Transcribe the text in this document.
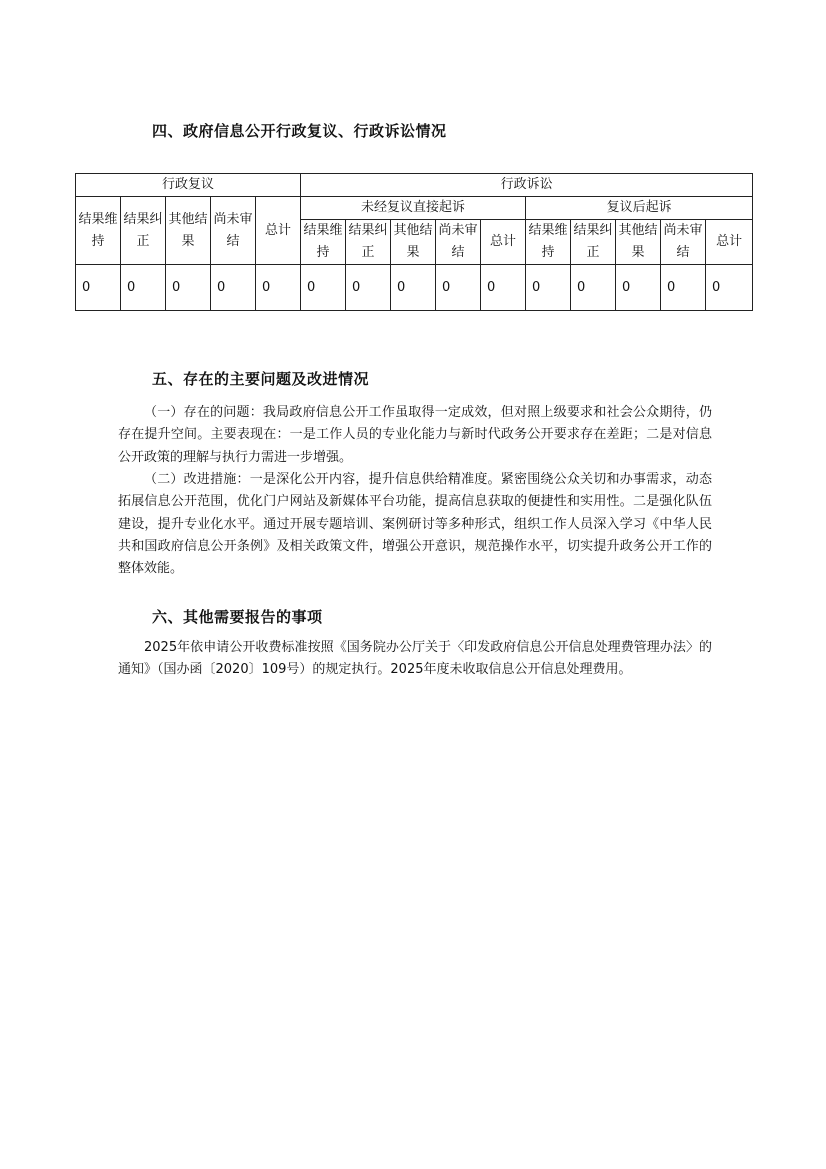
四、政府信息公开行政复议、行政诉讼情况
行政复议					行政诉讼									
结果维持	结果纠正	其他结果	尚未审结	总计	未经复议直接起诉					复议后起诉				
					结果维持	结果纠正	其他结果	尚未审结	总计	结果维持	结果纠正	其他结果	尚未审结	总计
0	0	0	0	0	0	0	0	0	0	0	0	0	0	0
五、存在的主要问题及改进情况

（一）存在的问题：我局政府信息公开工作虽取得一定成效，但对照上级要求和社会公众期待，仍存在提升空间。主要表现在：一是工作人员的专业化能力与新时代政务公开要求存在差距；二是对信息公开政策的理解与执行力需进一步增强。

（二）改进措施：一是深化公开内容，提升信息供给精准度。紧密围绕公众关切和办事需求，动态拓展信息公开范围，优化门户网站及新媒体平台功能，提高信息获取的便捷性和实用性。二是强化队伍建设，提升专业化水平。通过开展专题培训、案例研讨等多种形式，组织工作人员深入学习《中华人民共和国政府信息公开条例》及相关政策文件，增强公开意识，规范操作水平，切实提升政务公开工作的整体效能。

六、其他需要报告的事项

2025年依申请公开收费标准按照《国务院办公厅关于〈印发政府信息公开信息处理费管理办法〉的通知》（国办函〔2020〕109号）的规定执行。2025年度未收取信息公开信息处理费用。
